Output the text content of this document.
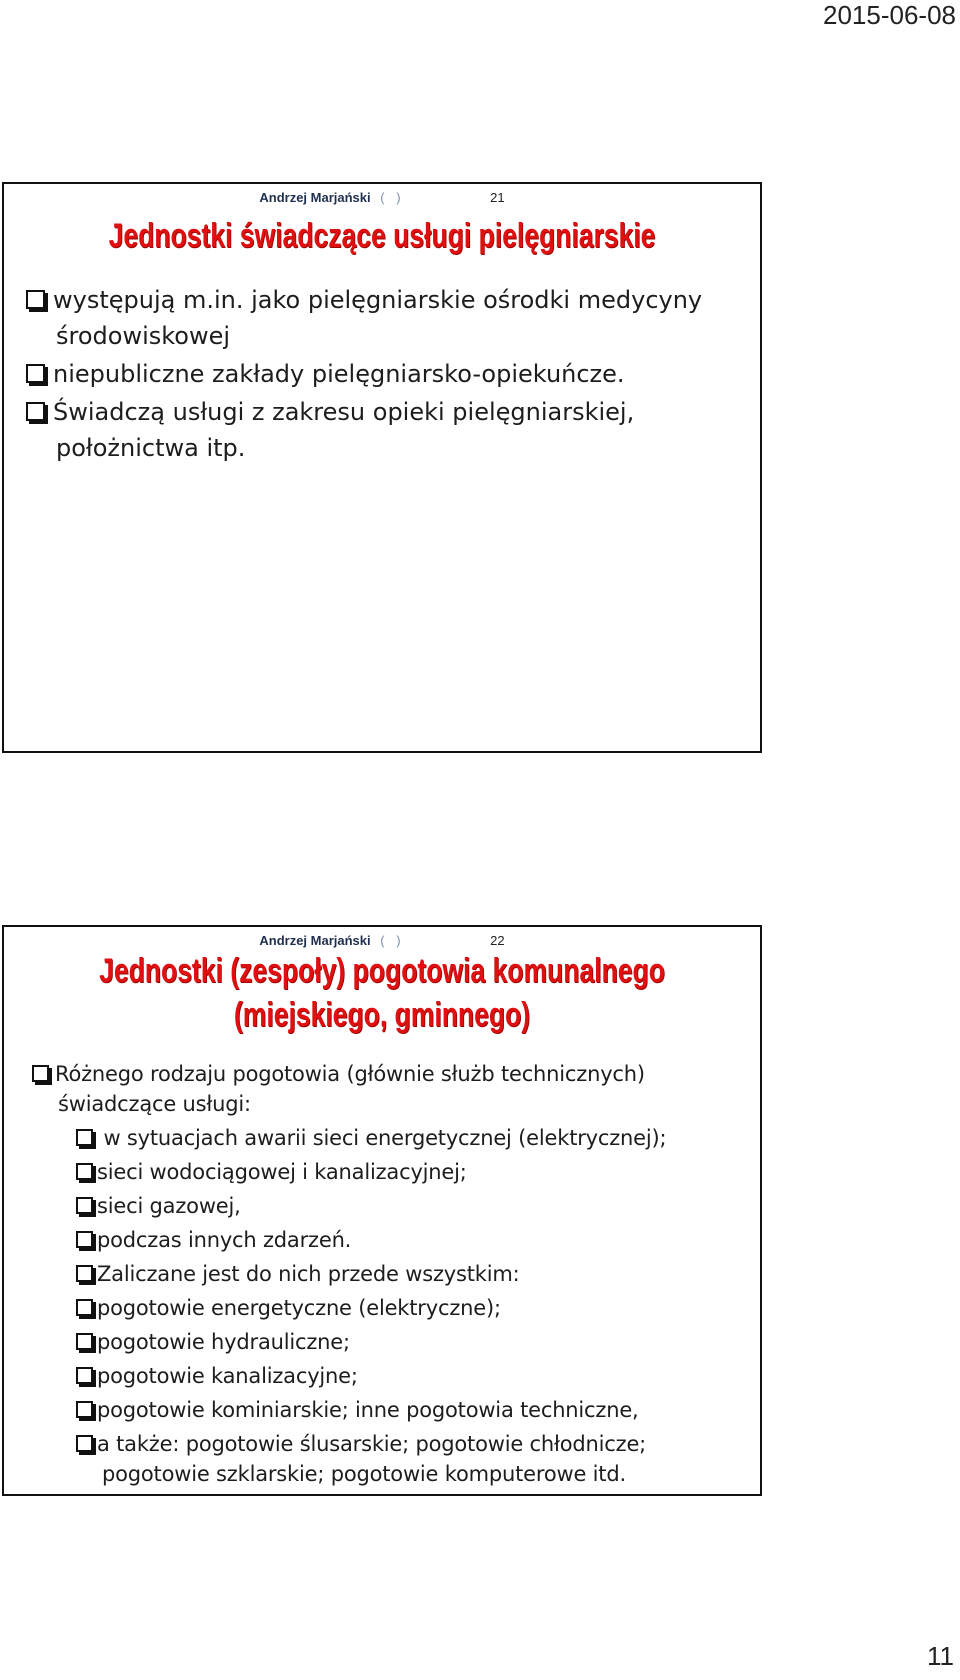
2015-06-08
Andrzej Marjański ( )	21
Jednostki świadczące usługi pielęgniarskie
występują m.in. jako pielęgniarskie ośrodki medycyny środowiskowej
niepubliczne zakłady pielęgniarsko-opiekuńcze.
Świadczą usługi z zakresu opieki pielęgniarskiej, położnictwa itp.
Andrzej Marjański ( )	22
Jednostki (zespoły) pogotowia komunalnego
(miejskiego, gminnego)
Różnego rodzaju pogotowia (głównie służb technicznych) świadczące usługi:
w sytuacjach awarii sieci energetycznej (elektrycznej);
sieci wodociągowej i kanalizacyjnej;
sieci gazowej,
podczas innych zdarzeń.
Zaliczane jest do nich przede wszystkim:
pogotowie energetyczne (elektryczne);
pogotowie hydrauliczne;
pogotowie kanalizacyjne;
pogotowie kominiarskie; inne pogotowia techniczne,
a także: pogotowie ślusarskie; pogotowie chłodnicze; pogotowie szklarskie; pogotowie komputerowe itd.
11
